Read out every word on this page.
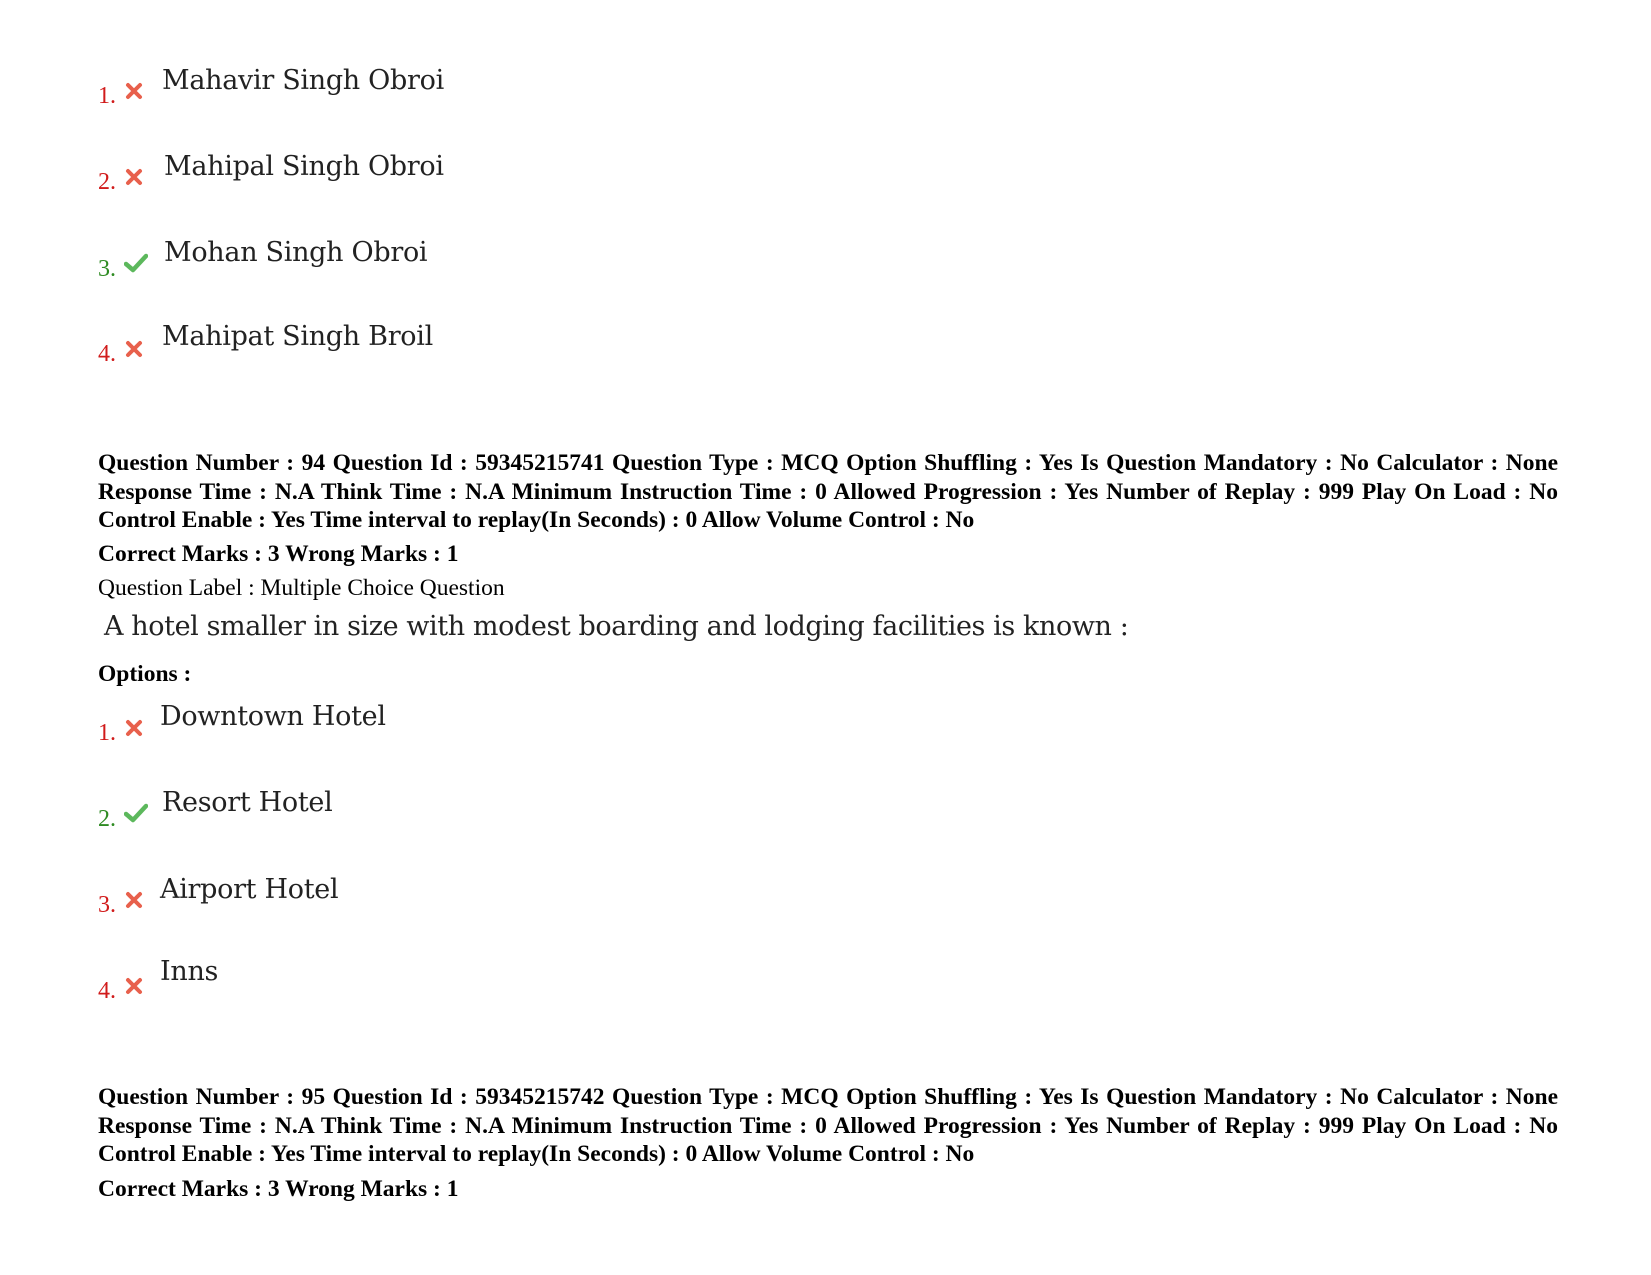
1. Mahavir Singh Obroi
2. Mahipal Singh Obroi
3.
Mohan Singh Obroi
4.
Mahipat Singh Broil
Question Number : 94 Question Id : 59345215741 Question Type : MCQ Option Shuffling : Yes Is Question Mandatory : No Calculator : None Response Time : N.A Think Time : N.A Minimum Instruction Time : 0 Allowed Progression : Yes Number of Replay : 999 Play On Load : No Control Enable : Yes Time interval to replay(In Seconds) : 0 Allow Volume Control : No
Correct Marks : 3 Wrong Marks : 1
Question Label : Multiple Choice Question
A hotel smaller in size with modest boarding and lodging facilities is known :
Options :
1.
Downtown Hotel
2.
Resort Hotel
3. Airport Hotel
4.
Inns
Question Number : 95 Question Id : 59345215742 Question Type : MCQ Option Shuffling : Yes Is Question Mandatory : No Calculator : None Response Time : N.A Think Time : N.A Minimum Instruction Time : 0 Allowed Progression : Yes Number of Replay : 999 Play On Load : No Control Enable : Yes Time interval to replay(In Seconds) : 0 Allow Volume Control : No
Correct Marks : 3 Wrong Marks : 1
